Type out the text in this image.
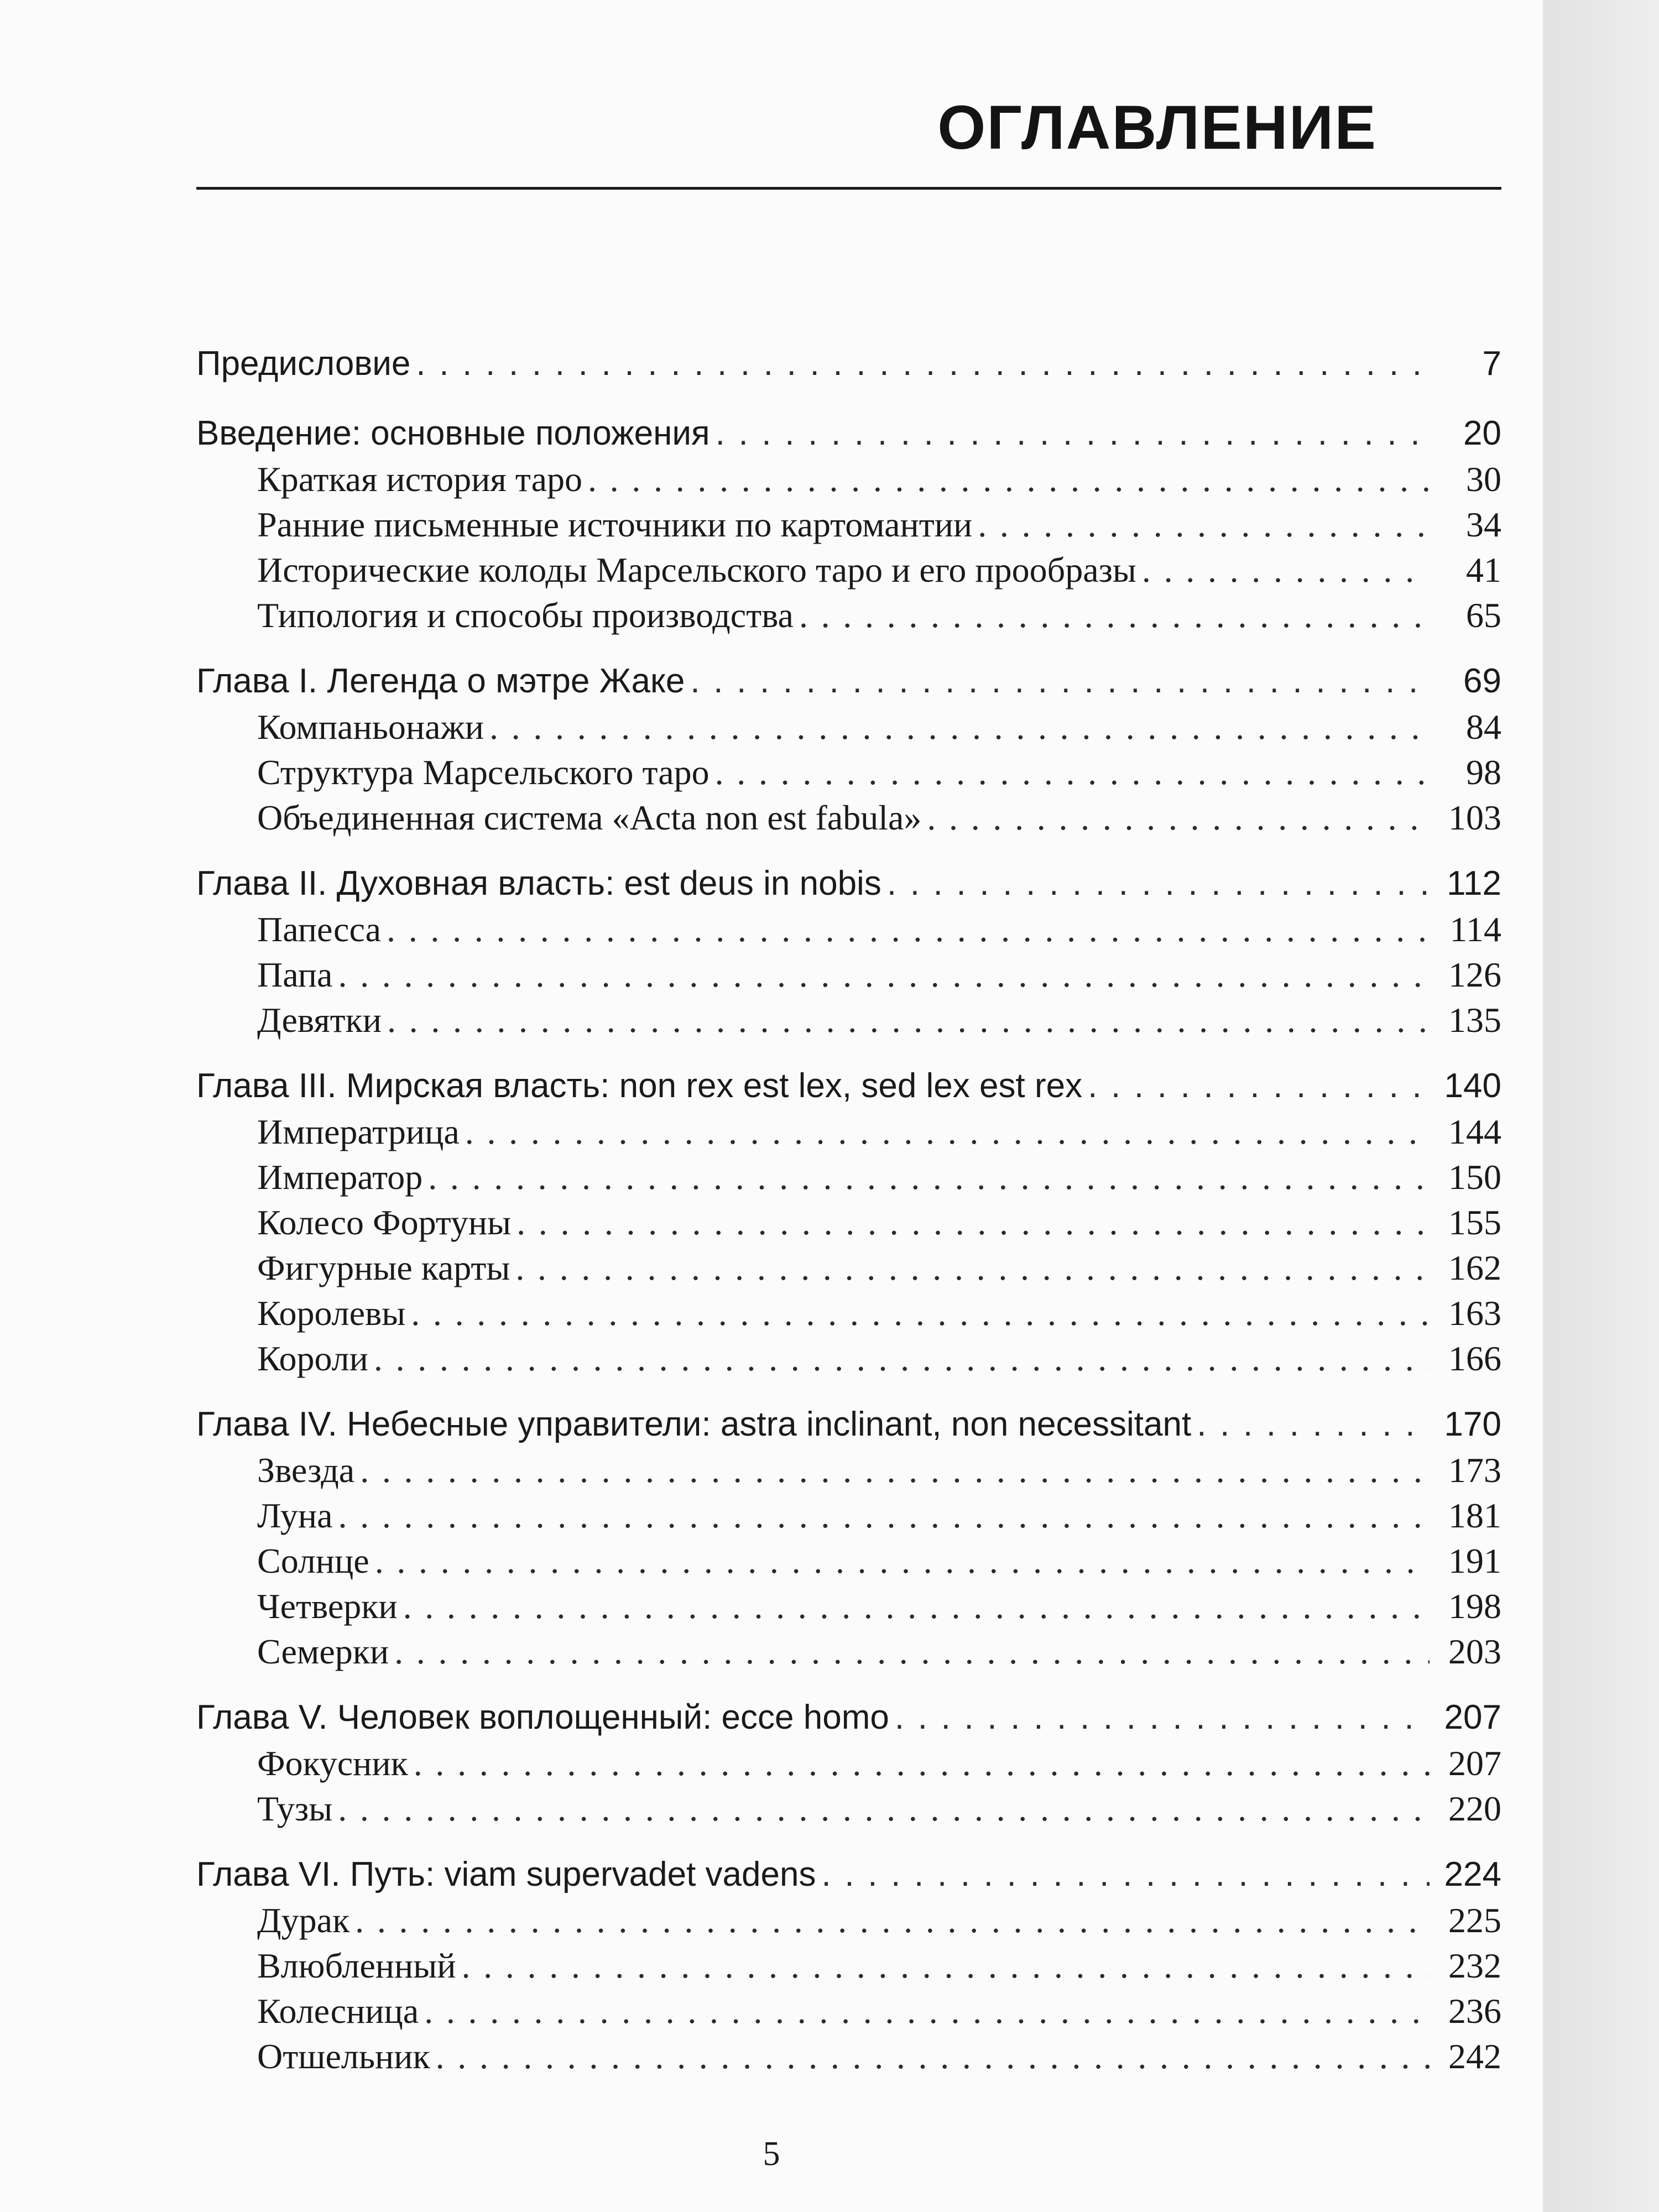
ОГЛАВЛЕНИЕ
Предисловие . . .	7
Введение: основные положения . . .	20
Краткая история таро . . .	30
Ранние письменные источники по картомантии . . .	34
Исторические колоды Марсельского таро и его прообразы . . .	41
Типология и способы производства . . .	65
Глава I. Легенда о мэтре Жаке . . .	69
Компаньонажи . . .	84
Структура Марсельского таро . . .	98
Объединенная система «Acta non est fabula» . . .	103
Глава II. Духовная власть: est deus in nobis . . .	112
Папесса . . .	114
Папа . . .	126
Девятки . . .	135
Глава III. Мирская власть: non rex est lex, sed lex est rex . . .	140
Императрица . . .	144
Император . . .	150
Колесо Фортуны . . .	155
Фигурные карты . . .	162
Королевы . . .	163
Короли . . .	166
Глава IV. Небесные управители: astra inclinant, non necessitant . . .	170
Звезда . . .	173
Луна . . .	181
Солнце . . .	191
Четверки . . .	198
Семерки . . .	203
Глава V. Человек воплощенный: ecce homo . . .	207
Фокусник . . .	207
Тузы . . .	220
Глава VI. Путь: viam supervadet vadens . . .	224
Дурак . . .	225
Влюбленный . . .	232
Колесница . . .	236
Отшельник . . .	242
5
